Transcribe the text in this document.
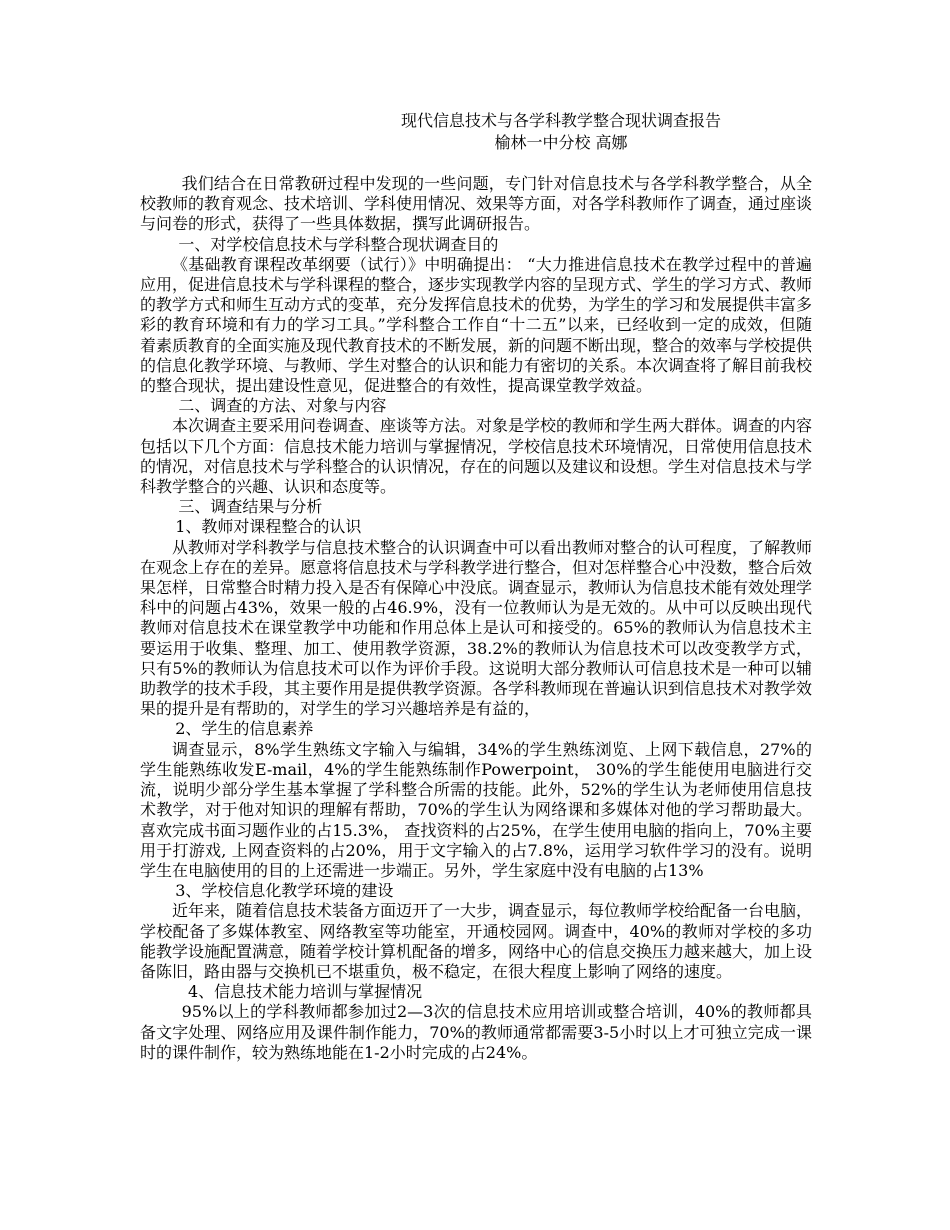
现代信息技术与各学科教学整合现状调查报告
榆林一中分校 高娜

我们结合在日常教研过程中发现的一些问题，专门针对信息技术与各学科教学整合，从全校教师的教育观念、技术培训、学科使用情况、效果等方面，对各学科教师作了调查，通过座谈与问卷的形式，获得了一些具体数据，撰写此调研报告。

一、对学校信息技术与学科整合现状调查目的

《基础教育课程改革纲要（试行）》中明确提出： “大力推进信息技术在教学过程中的普遍应用，促进信息技术与学科课程的整合，逐步实现教学内容的呈现方式、学生的学习方式、教师的教学方式和师生互动方式的变革，充分发挥信息技术的优势，为学生的学习和发展提供丰富多彩的教育环境和有力的学习工具。”学科整合工作自“十二五”以来，已经收到一定的成效，但随着素质教育的全面实施及现代教育技术的不断发展，新的问题不断出现，整合的效率与学校提供的信息化教学环境、与教师、学生对整合的认识和能力有密切的关系。本次调查将了解目前我校的整合现状，提出建设性意见，促进整合的有效性，提高课堂教学效益。

二、调查的方法、对象与内容

本次调查主要采用问卷调查、座谈等方法。对象是学校的教师和学生两大群体。调查的内容包括以下几个方面：信息技术能力培训与掌握情况，学校信息技术环境情况，日常使用信息技术的情况，对信息技术与学科整合的认识情况，存在的问题以及建议和设想。学生对信息技术与学科教学整合的兴趣、认识和态度等。

三、调查结果与分析
1、教师对课程整合的认识

从教师对学科教学与信息技术整合的认识调查中可以看出教师对整合的认可程度，了解教师在观念上存在的差异。愿意将信息技术与学科教学进行整合，但对怎样整合心中没数，整合后效果怎样，日常整合时精力投入是否有保障心中没底。调查显示，教师认为信息技术能有效处理学科中的问题占43%，效果一般的占46.9%，没有一位教师认为是无效的。从中可以反映出现代教师对信息技术在课堂教学中功能和作用总体上是认可和接受的。65%的教师认为信息技术主要运用于收集、整理、加工、使用教学资源，38.2%的教师认为信息技术可以改变教学方式，只有5%的教师认为信息技术可以作为评价手段。这说明大部分教师认可信息技术是一种可以辅助教学的技术手段，其主要作用是提供教学资源。各学科教师现在普遍认识到信息技术对教学效果的提升是有帮助的，对学生的学习兴趣培养是有益的，

2、学生的信息素养

调查显示，8%学生熟练文字输入与编辑，34%的学生熟练浏览、上网下载信息，27%的学生能熟练收发E-mail，4%的学生能熟练制作Powerpoint， 30%的学生能使用电脑进行交流，说明少部分学生基本掌握了学科整合所需的技能。此外，52%的学生认为老师使用信息技术教学，对于他对知识的理解有帮助，70%的学生认为网络课和多媒体对他的学习帮助最大。喜欢完成书面习题作业的占15.3%， 查找资料的占25%，在学生使用电脑的指向上，70%主要用于打游戏, 上网查资料的占20%，用于文字输入的占7.8%，运用学习软件学习的没有。说明学生在电脑使用的目的上还需进一步端正。另外，学生家庭中没有电脑的占13%

3、学校信息化教学环境的建设

近年来，随着信息技术装备方面迈开了一大步，调查显示，每位教师学校给配备一台电脑，学校配备了多媒体教室、网络教室等功能室，开通校园网。调查中，40%的教师对学校的多功能教学设施配置满意，随着学校计算机配备的增多，网络中心的信息交换压力越来越大，加上设备陈旧，路由器与交换机已不堪重负，极不稳定，在很大程度上影响了网络的速度。

4、信息技术能力培训与掌握情况

95%以上的学科教师都参加过2—3次的信息技术应用培训或整合培训，40%的教师都具备文字处理、网络应用及课件制作能力，70%的教师通常都需要3-5小时以上才可独立完成一课时的课件制作，较为熟练地能在1-2小时完成的占24%。
